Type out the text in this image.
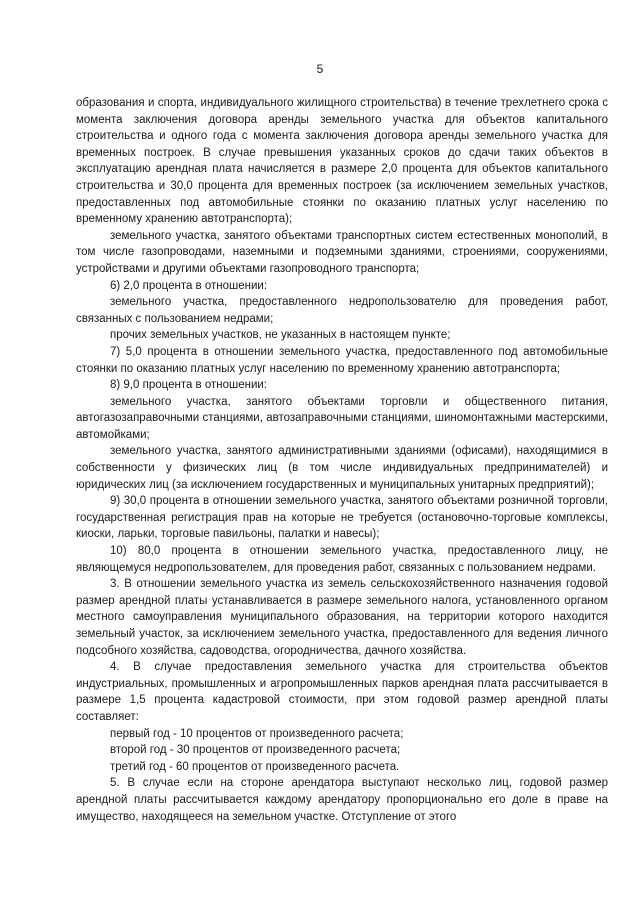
5

образования и спорта, индивидуального жилищного строительства) в течение трехлетнего срока с момента заключения договора аренды земельного участка для объектов капитального строительства и одного года с момента заключения договора аренды земельного участка для временных построек. В случае превышения указанных сроков до сдачи таких объектов в эксплуатацию арендная плата начисляется в размере 2,0 процента для объектов капитального строительства и 30,0 процента для временных построек (за исключением земельных участков, предоставленных под автомобильные стоянки по оказанию платных услуг населению по временному хранению автотранспорта);

земельного участка, занятого объектами транспортных систем естественных монополий, в том числе газопроводами, наземными и подземными зданиями, строениями, сооружениями, устройствами и другими объектами газопроводного транспорта;

6) 2,0 процента в отношении:

земельного участка, предоставленного недропользователю для проведения работ, связанных с пользованием недрами;

прочих земельных участков, не указанных в настоящем пункте;

7) 5,0 процента в отношении земельного участка, предоставленного под автомобильные стоянки по оказанию платных услуг населению по временному хранению автотранспорта;

8) 9,0 процента в отношении:

земельного участка, занятого объектами торговли и общественного питания, автогазозаправочными станциями, автозаправочными станциями, шиномонтажными мастерскими, автомойками;

земельного участка, занятого административными зданиями (офисами), находящимися в собственности у физических лиц (в том числе индивидуальных предпринимателей) и юридических лиц (за исключением государственных и муниципальных унитарных предприятий);

9) 30,0 процента в отношении земельного участка, занятого объектами розничной торговли, государственная регистрация прав на которые не требуется (остановочно-торговые комплексы, киоски, ларьки, торговые павильоны, палатки и навесы);

10) 80,0 процента в отношении земельного участка, предоставленного лицу, не являющемуся недропользователем, для проведения работ, связанных с пользованием недрами.

3. В отношении земельного участка из земель сельскохозяйственного назначения годовой размер арендной платы устанавливается в размере земельного налога, установленного органом местного самоуправления муниципального образования, на территории которого находится земельный участок, за исключением земельного участка, предоставленного для ведения личного подсобного хозяйства, садоводства, огородничества, дачного хозяйства.

4. В случае предоставления земельного участка для строительства объектов индустриальных, промышленных и агропромышленных парков арендная плата рассчитывается в размере 1,5 процента кадастровой стоимости, при этом годовой размер арендной платы составляет:

первый год - 10 процентов от произведенного расчета;

второй год - 30 процентов от произведенного расчета;

третий год - 60 процентов от произведенного расчета.

5. В случае если на стороне арендатора выступают несколько лиц, годовой размер арендной платы рассчитывается каждому арендатору пропорционально его доле в праве на имущество, находящееся на земельном участке. Отступление от этого
